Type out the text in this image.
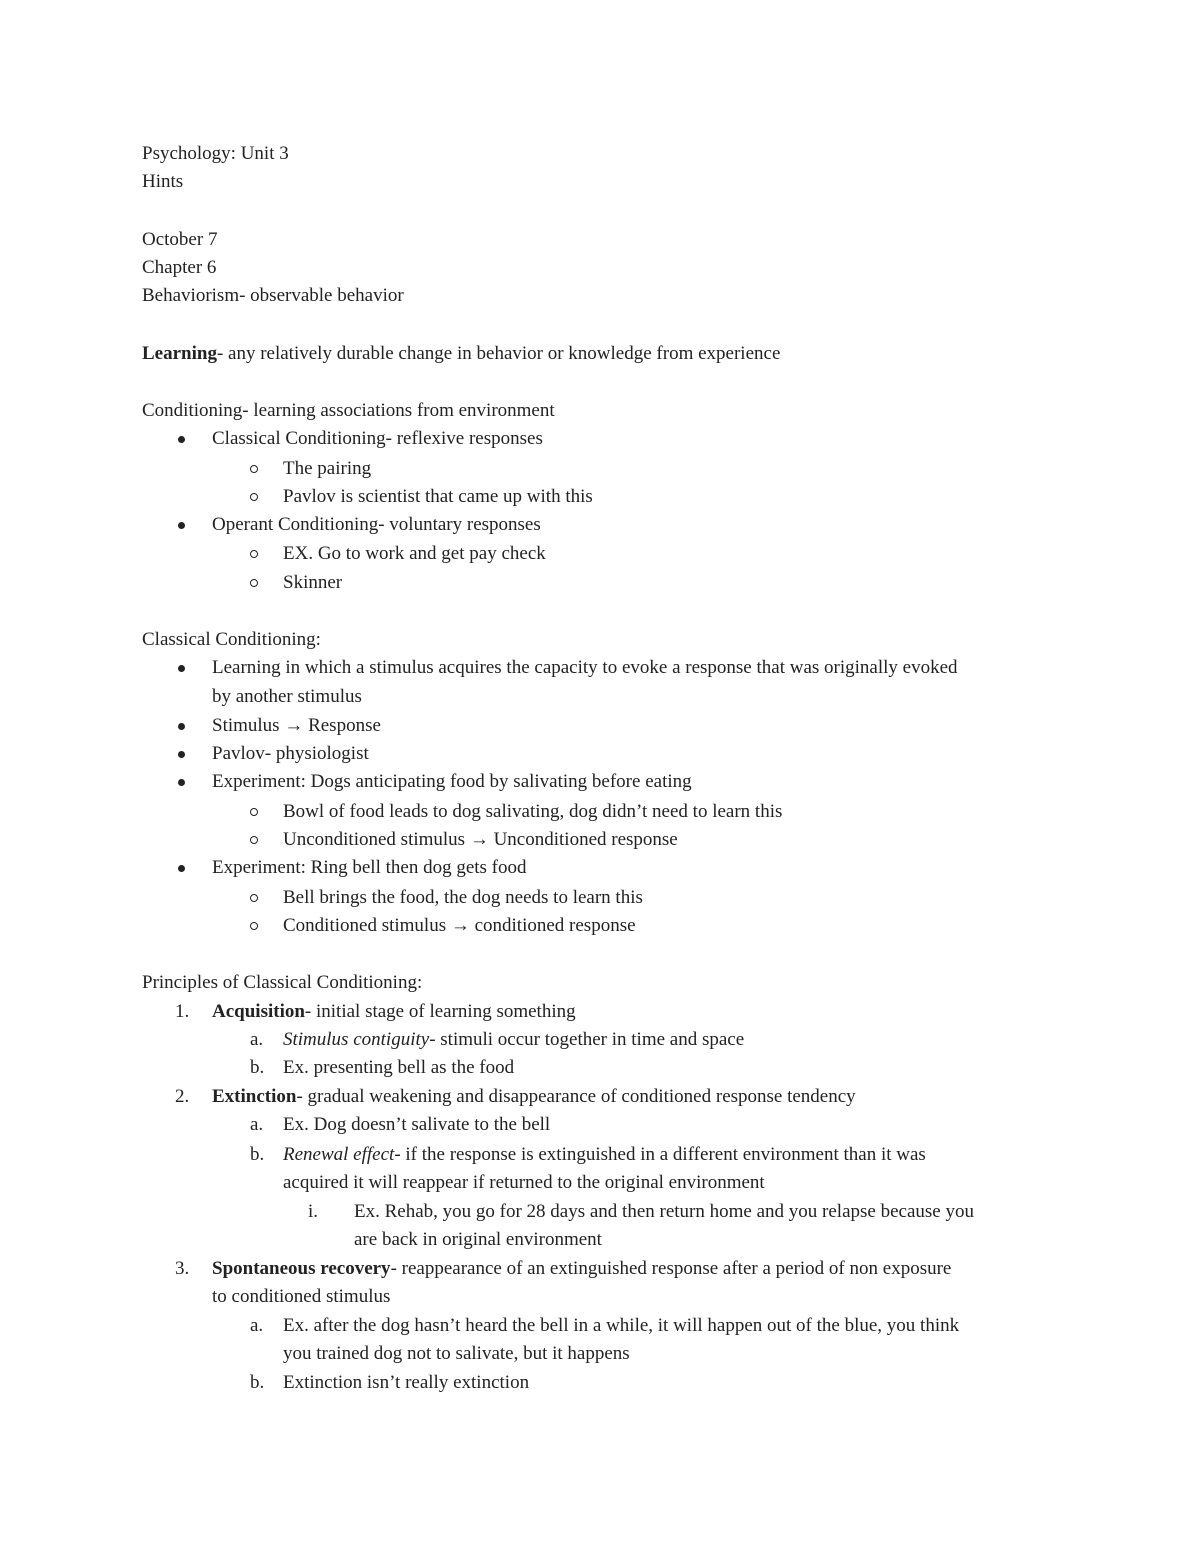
Psychology: Unit 3
Hints
October 7
Chapter 6
Behaviorism- observable behavior
Learning- any relatively durable change in behavior or knowledge from experience
Conditioning- learning associations from environment
Classical Conditioning- reflexive responses
The pairing
Pavlov is scientist that came up with this
Operant Conditioning- voluntary responses
EX. Go to work and get pay check
Skinner
Classical Conditioning:
Learning in which a stimulus acquires the capacity to evoke a response that was originally evoked
by another stimulus
Stimulus → Response
Pavlov- physiologist
Experiment: Dogs anticipating food by salivating before eating
Bowl of food leads to dog salivating, dog didn’t need to learn this
Unconditioned stimulus → Unconditioned response
Experiment: Ring bell then dog gets food
Bell brings the food, the dog needs to learn this
Conditioned stimulus → conditioned response
Principles of Classical Conditioning:
1. Acquisition- initial stage of learning something
a. Stimulus contiguity- stimuli occur together in time and space
b. Ex. presenting bell as the food
2. Extinction- gradual weakening and disappearance of conditioned response tendency
a. Ex. Dog doesn’t salivate to the bell
b. Renewal effect- if the response is extinguished in a different environment than it was
acquired it will reappear if returned to the original environment
i. Ex. Rehab, you go for 28 days and then return home and you relapse because you
are back in original environment
3. Spontaneous recovery- reappearance of an extinguished response after a period of non exposure
to conditioned stimulus
a. Ex. after the dog hasn’t heard the bell in a while, it will happen out of the blue, you think
you trained dog not to salivate, but it happens
b. Extinction isn’t really extinction
